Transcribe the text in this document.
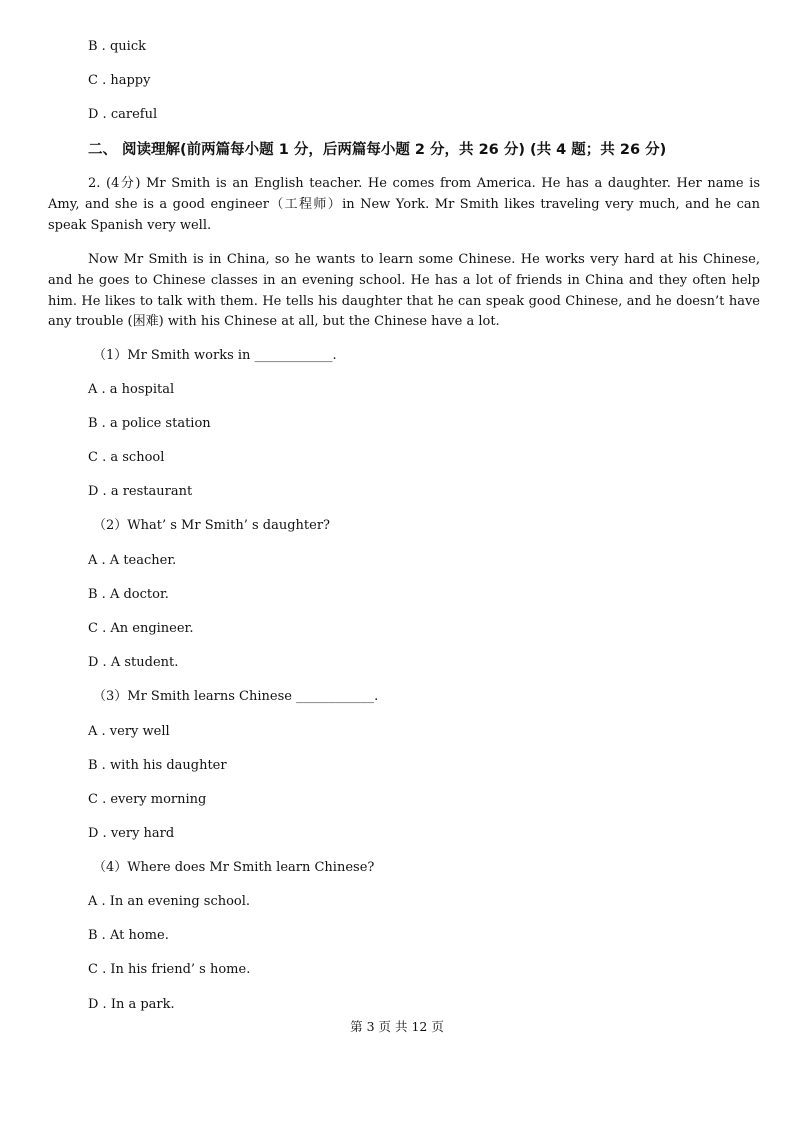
B . quick
C . happy
D . careful
二、 阅读理解(前两篇每小题 1 分，后两篇每小题 2 分，共 26 分) (共 4 题；共 26 分)

2. (4分) Mr Smith is an English teacher. He comes from America. He has a daughter. Her name is Amy, and she is a good engineer（工程师）in New York. Mr Smith likes traveling very much, and he can speak Spanish very well.

Now Mr Smith is in China, so he wants to learn some Chinese. He works very hard at his Chinese, and he goes to Chinese classes in an evening school. He has a lot of friends in China and they often help him. He likes to talk with them. He tells his daughter that he can speak good Chinese, and he doesn’t have any trouble (困难) with his Chinese at all, but the Chinese have a lot.

（1）Mr Smith works in ____________.
A . a hospital
B . a police station
C . a school
D . a restaurant
（2）What’ s Mr Smith’ s daughter?
A . A teacher.
B . A doctor.
C . An engineer.
D . A student.
（3）Mr Smith learns Chinese ____________.
A . very well
B . with his daughter
C . every morning
D . very hard
（4）Where does Mr Smith learn Chinese?
A . In an evening school.
B . At home.
C . In his friend’ s home.
D . In a park.
第 3 页 共 12 页
